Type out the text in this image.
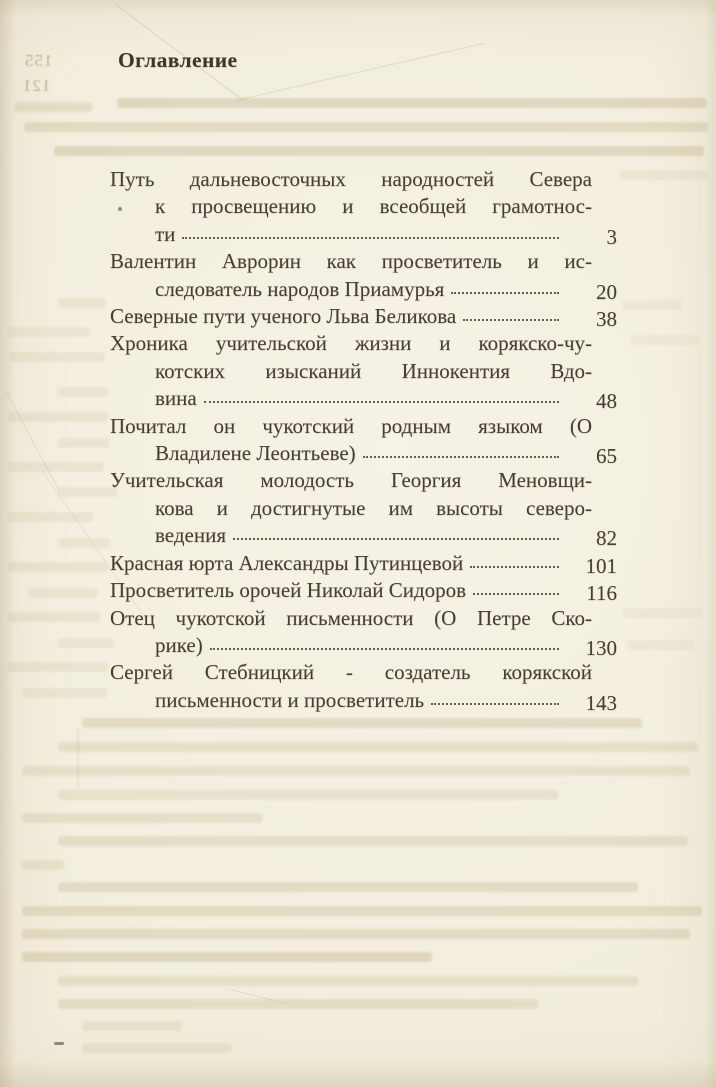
155
121
Оглавление
Путь дальневосточных народностей Севера
к просвещению и всеобщей грамотнос-
ти	3
Валентин Аврорин как просветитель и ис-
следователь народов Приамурья	20
Северные пути ученого Льва Беликова	38
Хроника учительской жизни и корякско-чу-
котских изысканий Иннокентия Вдо-
вина	48
Почитал он чукотский родным языком (О
Владилене Леонтьеве)	65
Учительская молодость Георгия Меновщи-
кова и достигнутые им высоты северо-
ведения	82
Красная юрта Александры Путинцевой	101
Просветитель орочей Николай Сидоров	116
Отец чукотской письменности (О Петре Ско-
рике)	130
Сергей Стебницкий - создатель корякской
письменности и просветитель	143
